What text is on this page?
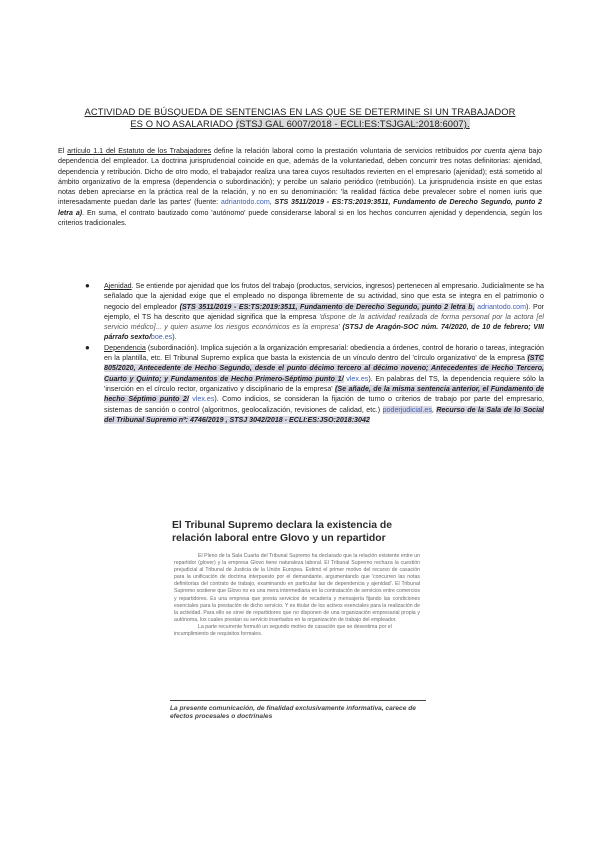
ACTIVIDAD DE BÚSQUEDA DE SENTENCIAS EN LAS QUE SE DETERMINE SI UN TRABAJADOR
ES O NO ASALARIADO (STSJ GAL 6007/2018 - ECLI:ES:TSJGAL:2018:6007).
El artículo 1.1 del Estatuto de los Trabajadores define la relación laboral como la prestación voluntaria de servicios retribuidos por cuenta ajena bajo dependencia del empleador. La doctrina jurisprudencial coincide en que, además de la voluntariedad, deben concurrir tres notas definitorias: ajenidad, dependencia y retribución. Dicho de otro modo, el trabajador realiza una tarea cuyos resultados revierten en el empresario (ajenidad); está sometido al ámbito organizativo de la empresa (dependencia o subordinación); y percibe un salario periódico (retribución). La jurisprudencia insiste en que estas notas deben apreciarse en la práctica real de la relación, y no en su denominación: 'la realidad fáctica debe prevalecer sobre el nomen iuris que interesadamente puedan darle las partes' (fuente: adriantodo.com, STS 3511/2019 - ES:TS:2019:3511, Fundamento de Derecho Segundo, punto 2 letra a). En suma, el contrato bautizado como 'autónomo' puede considerarse laboral si en los hechos concurren ajenidad y dependencia, según los criterios tradicionales.
● Ajenidad. Se entiende por ajenidad que los frutos del trabajo (productos, servicios, ingresos) pertenecen al empresario. Judicialmente se ha señalado que la ajenidad exige que el empleado no disponga libremente de su actividad, sino que esta se integra en el patrimonio o negocio del empleador (STS 3511/2019 - ES:TS:2019:3511, Fundamento de Derecho Segundo, punto 2 letra b, adriantodo.com). Por ejemplo, el TS ha descrito que ajenidad significa que la empresa 'dispone de la actividad realizada de forma personal por la actora [el servicio médico]... y quien asume los riesgos económicos es la empresa' (STSJ de Aragón-SOC núm. 74/2020, de 10 de febrero; VIII párrafo sexto/boe.es).
● Dependencia (subordinación). Implica sujeción a la organización empresarial: obediencia a órdenes, control de horario o tareas, integración en la plantilla, etc. El Tribunal Supremo explica que basta la existencia de un vínculo dentro del 'círculo organizativo' de la empresa (STC 805/2020, Antecedente de Hecho Segundo, desde el punto décimo tercero al décimo noveno; Antecedentes de Hecho Tercero, Cuarto y Quinto; y Fundamentos de Hecho Primero-Séptimo punto 1/ vlex.es). En palabras del TS, la dependencia requiere sólo la 'inserción en el círculo rector, organizativo y disciplinario de la empresa' (Se añade, de la misma sentencia anterior, el Fundamento de hecho Séptimo punto 2/ vlex.es). Como indicios, se consideran la fijación de turno o criterios de trabajo por parte del empresario, sistemas de sanción o control (algoritmos, geolocalización, revisiones de calidad, etc.) poderjudicial.es, Recurso de la Sala de lo Social del Tribunal Supremo nº: 4746/2019 , STSJ 3042/2018 - ECLI:ES:JSO:2018:3042
El Tribunal Supremo declara la existencia de relación laboral entre Glovo y un repartidor
El Pleno de la Sala Cuarta del Tribunal Supremo ha declarado que la relación existente entre un repartidor (glover) y la empresa Glovo tiene naturaleza laboral. El Tribunal Supremo rechaza la cuestión prejudicial al Tribunal de Justicia de la Unión Europea. Estimó el primer motivo del recurso de casación para la unificación de doctrina interpuesto por el demandante, argumentando que 'concurren las notas definitorias del contrato de trabajo, examinando en particular las de dependencia y ajenidad'. El Tribunal Supremo sostiene que Glovo no es una mera intermediaria en la contratación de servicios entre comercios y repartidores. Es una empresa que presta servicios de recadería y mensajería fijando las condiciones esenciales para la prestación de dicho servicio. Y es titular de los activos esenciales para la realización de la actividad. Para ello se sirve de repartidores que no disponen de una organización empresarial propia y autónoma, los cuales prestan su servicio insertados en la organización de trabajo del empleador.
La parte recurrente formuló un segundo motivo de casación que se desestima por el incumplimiento de requisitos formales.
La presente comunicación, de finalidad exclusivamente informativa, carece de efectos procesales o doctrinales
